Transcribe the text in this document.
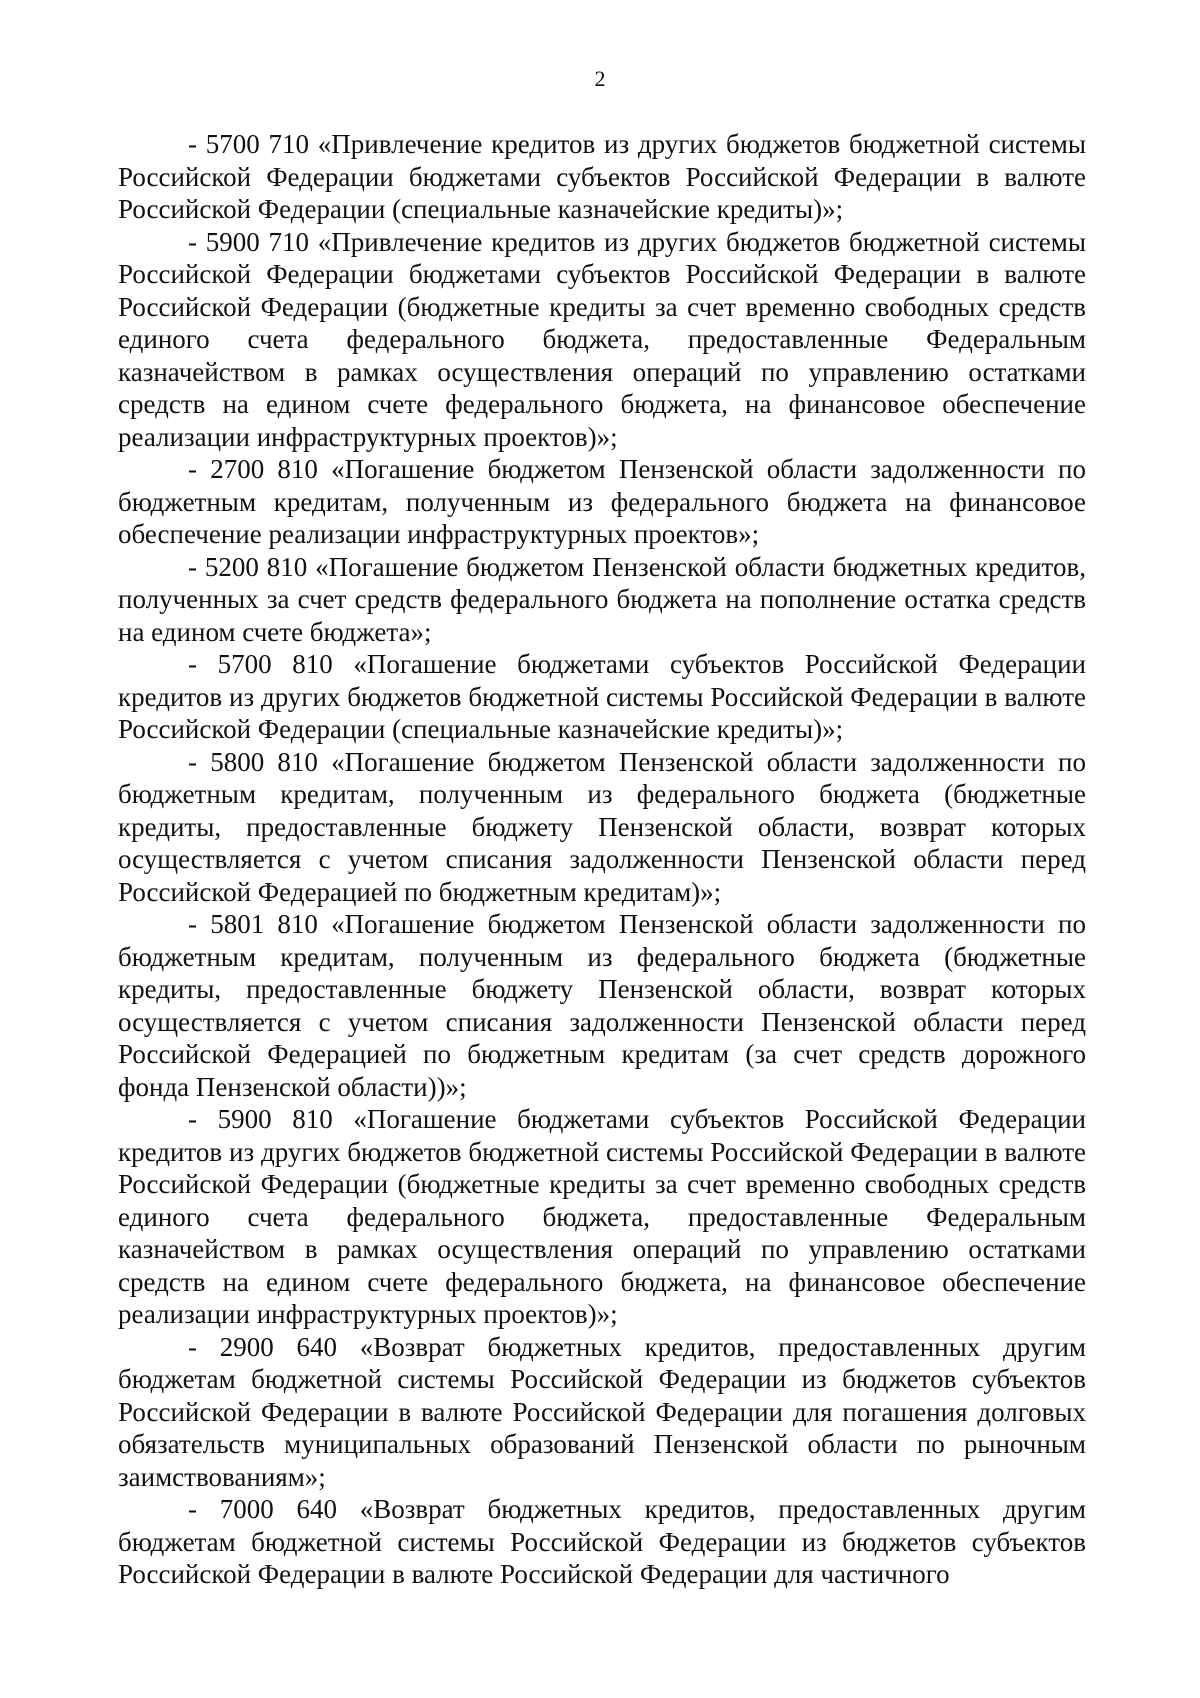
2

- 5700 710 «Привлечение кредитов из других бюджетов бюджетной системы Российской Федерации бюджетами субъектов Российской Федерации в валюте Российской Федерации (специальные казначейские кредиты)»;

- 5900 710 «Привлечение кредитов из других бюджетов бюджетной системы Российской Федерации бюджетами субъектов Российской Федерации в валюте Российской Федерации (бюджетные кредиты за счет временно свободных средств единого счета федерального бюджета, предоставленные Федеральным казначейством в рамках осуществления операций по управлению остатками средств на едином счете федерального бюджета, на финансовое обеспечение реализации инфраструктурных проектов)»;

- 2700 810 «Погашение бюджетом Пензенской области задолженности по бюджетным кредитам, полученным из федерального бюджета на финансовое обеспечение реализации инфраструктурных проектов»;

- 5200 810 «Погашение бюджетом Пензенской области бюджетных кредитов, полученных за счет средств федерального бюджета на пополнение остатка средств на едином счете бюджета»;

- 5700 810 «Погашение бюджетами субъектов Российской Федерации кредитов из других бюджетов бюджетной системы Российской Федерации в валюте Российской Федерации (специальные казначейские кредиты)»;

- 5800 810 «Погашение бюджетом Пензенской области задолженности по бюджетным кредитам, полученным из федерального бюджета (бюджетные кредиты, предоставленные бюджету Пензенской области, возврат которых осуществляется с учетом списания задолженности Пензенской области перед Российской Федерацией по бюджетным кредитам)»;

- 5801 810 «Погашение бюджетом Пензенской области задолженности по бюджетным кредитам, полученным из федерального бюджета (бюджетные кредиты, предоставленные бюджету Пензенской области, возврат которых осуществляется с учетом списания задолженности Пензенской области перед Российской Федерацией по бюджетным кредитам (за счет средств дорожного фонда Пензенской области))»;

- 5900 810 «Погашение бюджетами субъектов Российской Федерации кредитов из других бюджетов бюджетной системы Российской Федерации в валюте Российской Федерации (бюджетные кредиты за счет временно свободных средств единого счета федерального бюджета, предоставленные Федеральным казначейством в рамках осуществления операций по управлению остатками средств на едином счете федерального бюджета, на финансовое обеспечение реализации инфраструктурных проектов)»;

- 2900 640 «Возврат бюджетных кредитов, предоставленных другим бюджетам бюджетной системы Российской Федерации из бюджетов субъектов Российской Федерации в валюте Российской Федерации для погашения долговых обязательств муниципальных образований Пензенской области по рыночным заимствованиям»;

- 7000 640 «Возврат бюджетных кредитов, предоставленных другим бюджетам бюджетной системы Российской Федерации из бюджетов субъектов Российской Федерации в валюте Российской Федерации для частичного
